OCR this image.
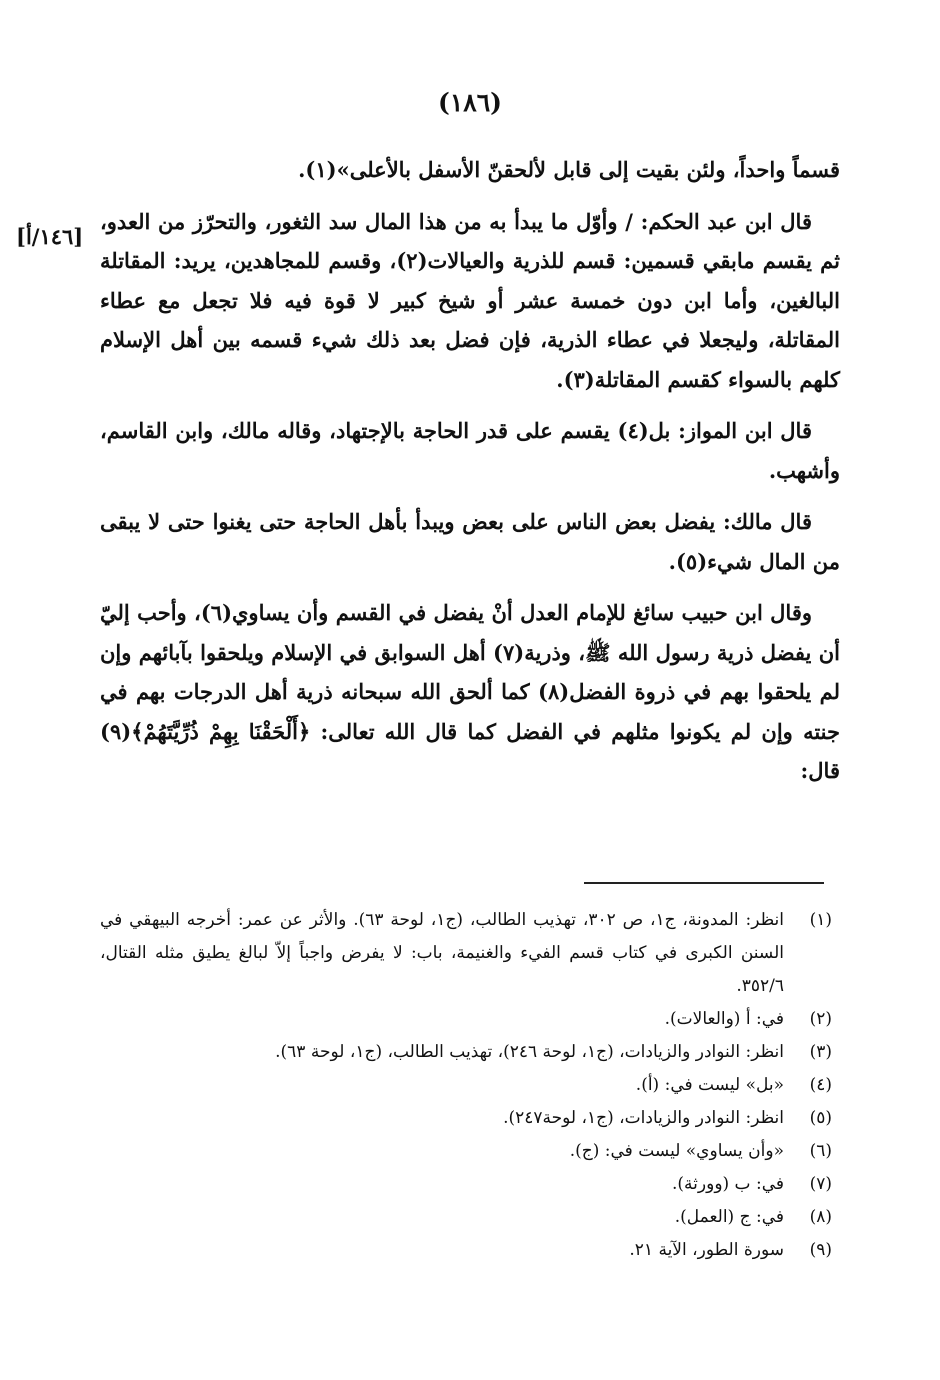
(١٨٦)
[١٤٦/أ]

قسماً واحداً، ولئن بقيت إلى قابل لألحقنّ الأسفل بالأعلى»(١).

قال ابن عبد الحكم: / وأوّل ما يبدأ به من هذا المال سد الثغور، والتحرّز من العدو، ثم يقسم مابقي قسمين: قسم للذرية والعيالات(٢)، وقسم للمجاهدين، يريد: المقاتلة البالغين، وأما ابن دون خمسة عشر أو شيخ كبير لا قوة فيه فلا تجعل مع عطاء المقاتلة، وليجعلا في عطاء الذرية، فإن فضل بعد ذلك شيء قسمه بين أهل الإسلام كلهم بالسواء كقسم المقاتلة(٣).

قال ابن المواز: بل(٤) يقسم على قدر الحاجة بالإجتهاد، وقاله مالك، وابن القاسم، وأشهب.

قال مالك: يفضل بعض الناس على بعض ويبدأ بأهل الحاجة حتى يغنوا حتى لا يبقى من المال شيء(٥).

وقال ابن حبيب سائغ للإمام العدل أنْ يفضل في القسم وأن يساوي(٦)، وأحب إليّ أن يفضل ذرية رسول الله ﷺ، وذرية(٧) أهل السوابق في الإسلام ويلحقوا بآبائهم وإن لم يلحقوا بهم في ذروة الفضل(٨) كما ألحق الله سبحانه ذرية أهل الدرجات بهم في جنته وإن لم يكونوا مثلهم في الفضل كما قال الله تعالى: ﴿أَلْحَقْنَا بِهِمْ ذُرِّيَّتَهُمْ﴾(٩) قال:

(١)
انظر: المدونة، ج١، ص ٣٠٢، تهذيب الطالب، (ج١، لوحة ٦٣). والأثر عن عمر: أخرجه البيهقي في السنن الكبرى في كتاب قسم الفيء والغنيمة، باب: لا يفرض واجباً إلاّ لبالغ يطيق مثله القتال، ٣٥٢/٦.
(٢)
في: أ (والعالات).
(٣)
انظر: النوادر والزيادات، (ج١، لوحة ٢٤٦)، تهذيب الطالب، (ج١، لوحة ٦٣).
(٤)
«بل» ليست في: (أ).
(٥)
انظر: النوادر والزيادات، (ج١، لوحة٢٤٧).
(٦)
«وأن يساوي» ليست في: (ج).
(٧)
في: ب (وورثة).
(٨)
في: ج (العمل).
(٩)
سورة الطور، الآية ٢١.
